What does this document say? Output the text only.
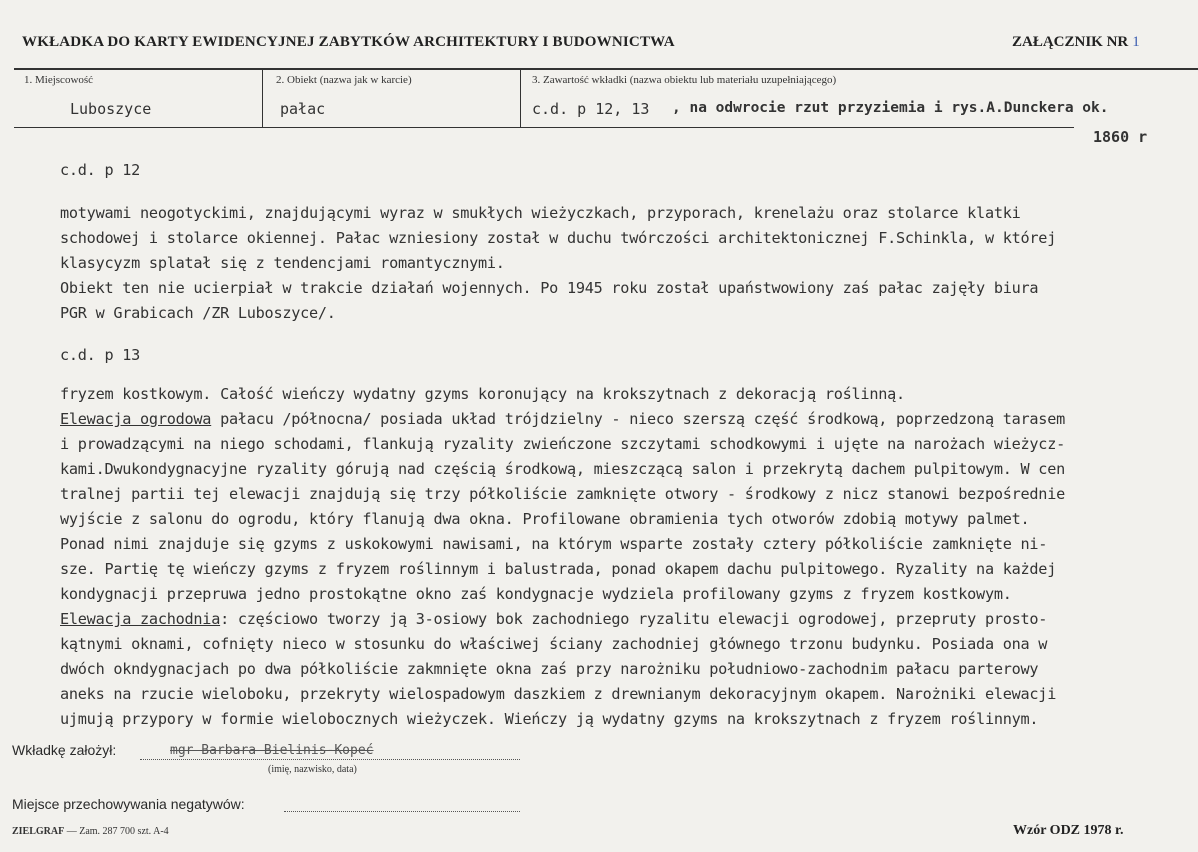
WKŁADKA DO KARTY EWIDENCYJNEJ ZABYTKÓW ARCHITEKTURY I BUDOWNICTWA	ZAŁĄCZNIK NR 1
1. Miejscowość	2. Obiekt (nazwa jak w karcie)	3. Zawartość wkładki (nazwa obiektu lub materiału uzupełniającego)
Luboszyce	pałac	c.d. p 12, 13 , na odwrocie rzut przyziemia i rys.A.Dunckera ok.
1860 r
c.d. p 12
motywami neogotyckimi, znajdującymi wyraz w smukłych wieżyczkach, przyporach, krenelażu oraz stolarce klatki
schodowej i stolarce okiennej. Pałac wzniesiony został w duchu twórczości architektonicznej F.Schinkla, w której
klasycyzm splatał się z tendencjami romantycznymi.
Obiekt ten nie ucierpiał w trakcie działań wojennych. Po 1945 roku został upaństwowiony zaś pałac zajęły biura
PGR w Grabicach /ZR Luboszyce/.
c.d. p 13
fryzem kostkowym. Całość wieńczy wydatny gzyms koronujący na krokszytnach z dekoracją roślinną.
Elewacja ogrodowa pałacu /północna/ posiada układ trójdzielny - nieco szerszą część środkową, poprzedzoną tarasem
i prowadzącymi na niego schodami, flankują ryzality zwieńczone szczytami schodkowymi i ujęte na narożach wieżycz-
kami.Dwukondygnacyjne ryzality górują nad częścią środkową, mieszczącą salon i przekrytą dachem pulpitowym. W cen
tralnej partii tej elewacji znajdują się trzy półkoliście zamknięte otwory - środkowy z nicz stanowi bezpośrednie
wyjście z salonu do ogrodu, który flanują dwa okna. Profilowane obramienia tych otworów zdobią motywy palmet.
Ponad nimi znajduje się gzyms z uskokowymi nawisami, na którym wsparte zostały cztery półkoliście zamknięte ni-
sze. Partię tę wieńczy gzyms z fryzem roślinnym i balustrada, ponad okapem dachu pulpitowego. Ryzality na każdej
kondygnacji przepruwa jedno prostokątne okno zaś kondygnacje wydziela profilowany gzyms z fryzem kostkowym.
Elewacja zachodnia: częściowo tworzy ją 3-osiowy bok zachodniego ryzalitu elewacji ogrodowej, przepruty prosto-
kątnymi oknami, cofnięty nieco w stosunku do właściwej ściany zachodniej głównego trzonu budynku. Posiada ona w
dwóch okndygnacjach po dwa półkoliście zakmnięte okna zaś przy narożniku południowo-zachodnim pałacu parterowy
aneks na rzucie wieloboku, przekryty wielospadowym daszkiem z drewnianym dekoracyjnym okapem. Narożniki elewacji
ujmują przypory w formie wielobocznych wieżyczek. Wieńczy ją wydatny gzyms na krokszytnach z fryzem roślinnym.
Wkładkę założył:	mgr Barbara Bielinis-Kopeć
(imię, nazwisko, data)
Miejsce przechowywania negatywów:
ZIELGRAF — Zam. 287 700 szt. A-4	Wzór ODZ 1978 r.
